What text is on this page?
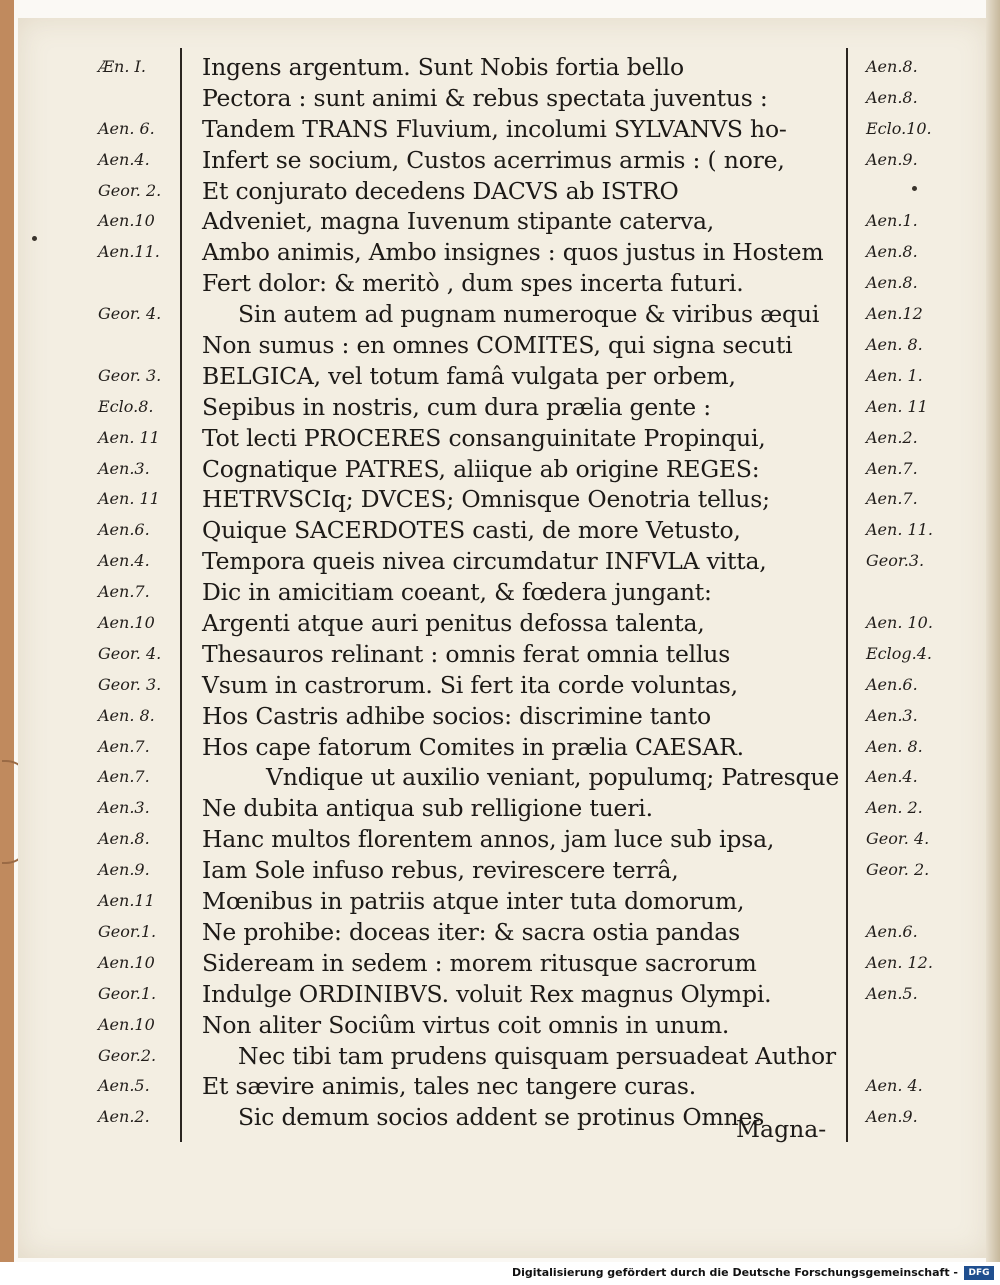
Æn. I.
Aen. 6.
Aen.4.
Geor. 2.
Aen.10
Aen.11.
Geor. 4.
Geor. 3.
Eclo.8.
Aen. 11
Aen.3.
Aen. 11
Aen.6.
Aen.4.
Aen.7.
Aen.10
Geor. 4.
Geor. 3.
Aen. 8.
Aen.7.
Aen.7.
Aen.3.
Aen.8.
Aen.9.
Aen.11
Geor.1.
Aen.10
Geor.1.
Aen.10
Geor.2.
Aen.5.
Aen.2.
Ingens argentum. Sunt Nobis fortia bello
Pectora : sunt animi & rebus spectata juventus :
Tandem TRANS Fluvium, incolumi SYLVANVS ho-
Infert se socium, Custos acerrimus armis : ( nore,
Et conjurato decedens DACVS ab ISTRO
Adveniet, magna Iuvenum stipante caterva,
Ambo animis, Ambo insignes : quos justus in Hostem
Fert dolor: & meritò , dum spes incerta futuri.
Sin autem ad pugnam numeroque & viribus æqui
Non sumus : en omnes COMITES, qui signa secuti
BELGICA, vel totum famâ vulgata per orbem,
Sepibus in nostris, cum dura prælia gente :
Tot lecti PROCERES consanguinitate Propinqui,
Cognatique PATRES, aliique ab origine REGES:
HETRVSCIq; DVCES; Omnisque Oenotria tellus;
Quique SACERDOTES casti, de more Vetusto,
Tempora queis nivea circumdatur INFVLA vitta,
Dic in amicitiam coeant, & fœdera jungant:
Argenti atque auri penitus defossa talenta,
Thesauros relinant : omnis ferat omnia tellus
Vsum in castrorum. Si fert ita corde voluntas,
Hos Castris adhibe socios: discrimine tanto
Hos cape fatorum Comites in prælia CAESAR.
Vndique ut auxilio veniant, populumq; Patresque
Ne dubita antiqua sub relligione tueri.
Hanc multos florentem annos, jam luce sub ipsa,
Iam Sole infuso rebus, reviresсere terrâ,
Mœnibus in patriis atque inter tuta domorum,
Ne prohibe: doceas iter: & sacra ostia pandas
Sideream in sedem : morem ritusque sacrorum
Indulge ORDINIBVS. voluit Rex magnus Olympi.
Non aliter Sociûm virtus coit omnis in unum.
Nec tibi tam prudens quisquam persuadeat Author
Et sævire animis, tales nec tangere curas.
Sic demum socios addent se protinus Omnes
Aen.8.
Aen.8.
Eclo.10.
Aen.9.
Aen.1.
Aen.8.
Aen.8.
Aen.12
Aen. 8.
Aen. 1.
Aen. 11
Aen.2.
Aen.7.
Aen.7.
Aen. 11.
Geor.3.
Aen. 10.
Eclog.4.
Aen.6.
Aen.3.
Aen. 8.
Aen.4.
Aen. 2.
Geor. 4.
Geor. 2.
Aen.6.
Aen. 12.
Aen.5.
Aen. 4.
Aen.9.
Magna-
Digitalisierung gefördert durch die Deutsche Forschungsgemeinschaft -	DFG
